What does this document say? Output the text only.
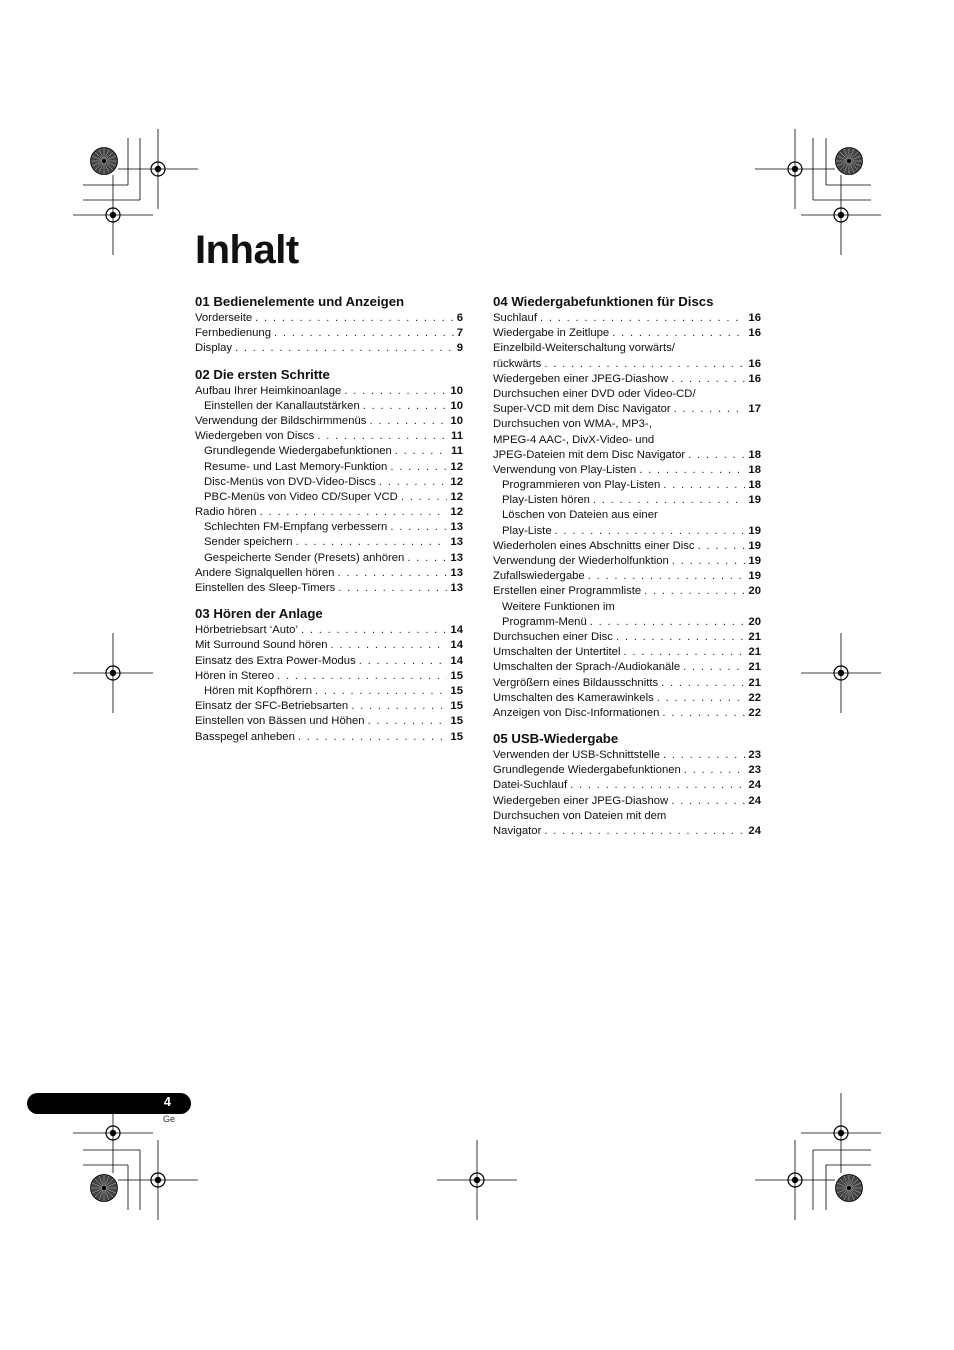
Inhalt
01 Bedienelemente und Anzeigen
Vorderseite . . .	6
Fernbedienung . . .	7
Display . . .	9
02 Die ersten Schritte
Aufbau Ihrer Heimkinoanlage . . .	10
Einstellen der Kanallautstärken . . .	10
Verwendung der Bildschirmmenüs . . .	10
Wiedergeben von Discs . . .	11
Grundlegende Wiedergabefunktionen . . .	11
Resume- und Last Memory-Funktion . . .	12
Disc-Menüs von DVD-Video-Discs . . .	12
PBC-Menüs von Video CD/Super VCD . . .	12
Radio hören . . .	12
Schlechten FM-Empfang verbessern . . .	13
Sender speichern . . .	13
Gespeicherte Sender (Presets) anhören . . .	13
Andere Signalquellen hören . . .	13
Einstellen des Sleep-Timers . . .	13
03 Hören der Anlage
Hörbetriebsart ‘Auto’ . . .	14
Mit Surround Sound hören . . .	14
Einsatz des Extra Power-Modus . . .	14
Hören in Stereo . . .	15
Hören mit Kopfhörern . . .	15
Einsatz der SFC-Betriebsarten . . .	15
Einstellen von Bässen und Höhen . . .	15
Basspegel anheben . . .	15
04 Wiedergabefunktionen für Discs
Suchlauf . . .	16
Wiedergabe in Zeitlupe . . .	16
Einzelbild-Weiterschaltung vorwärts/
rückwärts . . .	16
Wiedergeben einer JPEG-Diashow . . .	16
Durchsuchen einer DVD oder Video-CD/
Super-VCD mit dem Disc Navigator . . .	17
Durchsuchen von WMA-, MP3-,
MPEG-4 AAC-, DivX-Video- und
JPEG-Dateien mit dem Disc Navigator . . .	18
Verwendung von Play-Listen . . .	18
Programmieren von Play-Listen . . .	18
Play-Listen hören . . .	19
Löschen von Dateien aus einer
Play-Liste . . .	19
Wiederholen eines Abschnitts einer Disc . . .	19
Verwendung der Wiederholfunktion . . .	19
Zufallswiedergabe . . .	19
Erstellen einer Programmliste . . .	20
Weitere Funktionen im
Programm-Menü . . .	20
Durchsuchen einer Disc . . .	21
Umschalten der Untertitel . . .	21
Umschalten der Sprach-/Audiokanäle . . .	21
Vergrößern eines Bildausschnitts . . .	21
Umschalten des Kamerawinkels . . .	22
Anzeigen von Disc-Informationen . . .	22
05 USB-Wiedergabe
Verwenden der USB-Schnittstelle . . .	23
Grundlegende Wiedergabefunktionen . . .	23
Datei-Suchlauf . . .	24
Wiedergeben einer JPEG-Diashow . . .	24
Durchsuchen von Dateien mit dem
Navigator . . .	24
4
Ge
